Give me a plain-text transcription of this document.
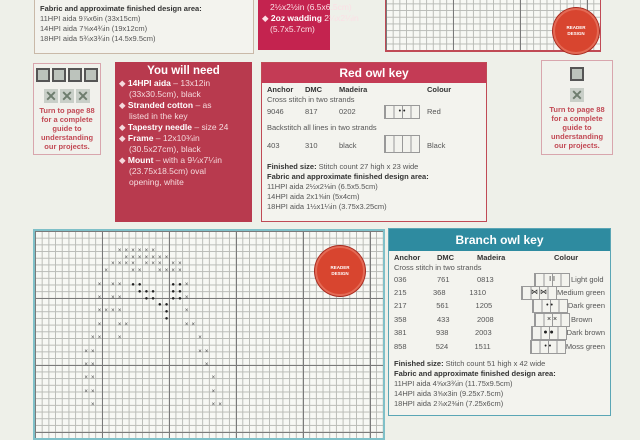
Fabric and approximate finished design area:
11HPI aida 9⅞x6in (33x15cm)
14HPI aida 7⅝x4¾in (19x12cm)
18HPI aida 5¾x3¾in (14.5x9.5cm)
2½x2½in (6.5x6.5cm)
◆ 2oz wadding 2¼x2¼in
(5.7x5.7cm)	READER DESIGN
✕ ✕ ✕
Turn to page 88
for a complete
guide to
understanding
our projects.
You will need
◆ 14HPI aida – 13x12in
(33x30.5cm), black
◆ Stranded cotton – as
listed in the key
◆ Tapestry needle – size 24
◆ Frame – 12x10¾in
(30.5x27cm), black
◆ Mount – with a 9¼x7¼in
(23.75x18.5cm) oval
opening, white
Red owl key
Anchor	DMC	Madeira	Colour
Cross stitch in two strands
9046	817	0202	• •	Red
Backstitch all lines in two strands
403	310	black	Black
Finished size: Stitch count 27 high x 23 wide
Fabric and approximate finished design area:
11HPI aida 2½x2⅛in (6.5x5.5cm)
14HPI aida 2x1⅝in (5x4cm)
18HPI aida 1½x1¼in (3.75x3.25cm)
✕
Turn to page 88
for a complete
guide to
understanding
our projects.
× × × × × ×
× × × × × × ×
× × × × × × × × ×
×	× ×	× × × ×
× × ×	×
× × ×	×
× × × ×	×
×	× ×	× ×
× ×	×	×
× ×	× ×
× ×	×
× ×	×
× ×	×
×	× ×
● ●
● ● ●
● ●
● ●
● ●
● ●
● ●
●
●
READER DESIGN
Branch owl key
Anchor	DMC	Madeira	Colour
Cross stitch in two strands
036	761	0813	I I	Light gold
215	368	1310	⋈ ⋈	Medium green
217	561	1205	• •	Dark green
358	433	2008	× ×	Brown
381	938	2003	● ●	Dark brown
858	524	1511	• •	Moss green
Finished size: Stitch count 51 high x 42 wide
Fabric and approximate finished design area:
11HPI aida 4⅝x3¾in (11.75x9.5cm)
14HPI aida 3⅝x3in (9.25x7.5cm)
18HPI aida 2⅞x2⅜in (7.25x6cm)
